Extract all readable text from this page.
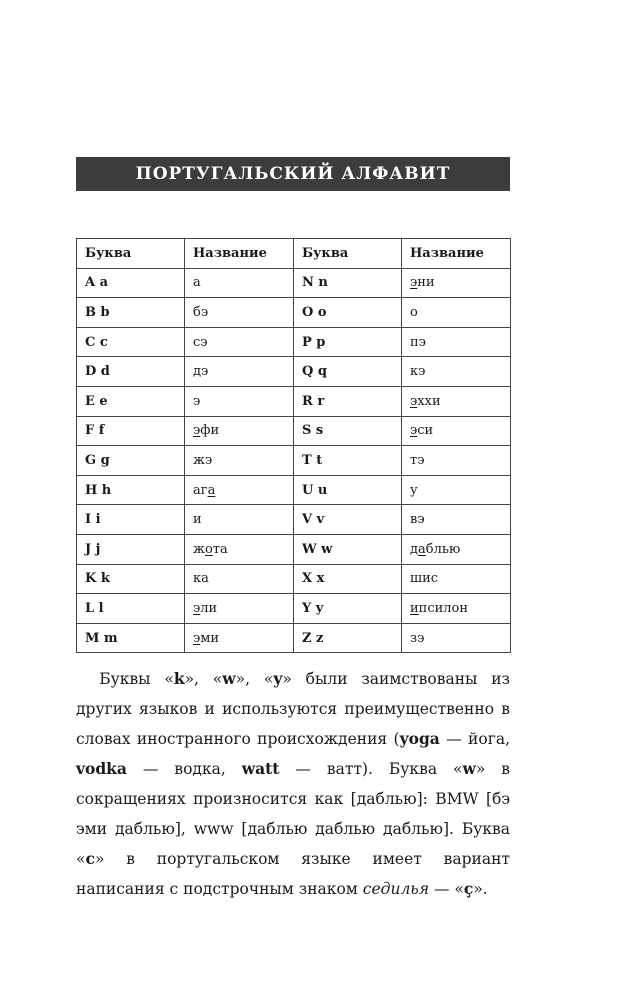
ПОРТУГАЛЬСКИЙ АЛФАВИТ
Буква	Название	Буква	Название
A a	а	N n	эни
B b	бэ	O o	о
C c	сэ	P p	пэ
D d	дэ	Q q	кэ
E e	э	R r	эххи
F f	эфи	S s	эси
G g	жэ	T t	тэ
H h	ага	U u	у
I i	и	V v	вэ
J j	жота	W w	даблью
K k	ка	X x	шис
L l	эли	Y y	ипсилон
M m	эми	Z z	зэ

  Буквы «k», «w», «y» были заимствованы из других языков и используются преимущественно в словах иностранного происхождения (yoga — йога, vodka — водка, watt — ватт). Буква «w» в сокращениях произносится как [даблью]: BMW [бэ эми даблью], www [даблью даблью даблью]. Буква «c» в португальском языке имеет вариант написания с подстрочным знаком седилья — «ç».
